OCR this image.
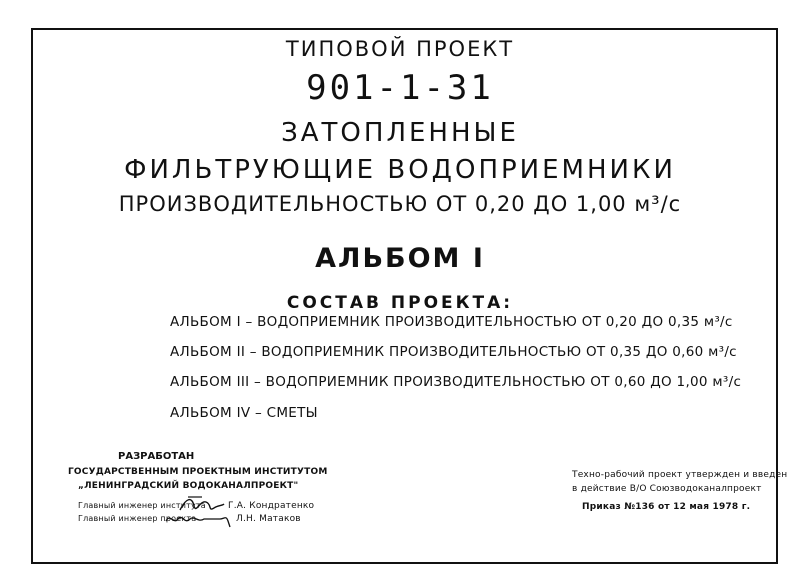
ТИПОВОЙ ПРОЕКТ
901-1-31
ЗАТОПЛЕННЫЕ
ФИЛЬТРУЮЩИЕ ВОДОПРИЕМНИКИ
ПРОИЗВОДИТЕЛЬНОСТЬЮ ОТ 0,20 ДО 1,00 м³/с
АЛЬБОМ I
СОСТАВ ПРОЕКТА:
АЛЬБОМ I – ВОДОПРИЕМНИК ПРОИЗВОДИТЕЛЬНОСТЬЮ ОТ 0,20 ДО 0,35 м³/с
АЛЬБОМ II – ВОДОПРИЕМНИК ПРОИЗВОДИТЕЛЬНОСТЬЮ ОТ 0,35 ДО 0,60 м³/с
АЛЬБОМ III – ВОДОПРИЕМНИК ПРОИЗВОДИТЕЛЬНОСТЬЮ ОТ 0,60 ДО 1,00 м³/с
АЛЬБОМ IV – СМЕТЫ
РАЗРАБОТАН
ГОСУДАРСТВЕННЫМ ПРОЕКТНЫМ ИНСТИТУТОМ
„ЛЕНИНГРАДСКИЙ ВОДОКАНАЛПРОЕКТ"
Главный инженер института Г.А. Кондратенко
Главный инженер проекта	Л.Н. Матаков
Техно-рабочий проект утвержден и введен
в действие В/О Союзводоканалпроект
Приказ №136 от 12 мая 1978 г.
